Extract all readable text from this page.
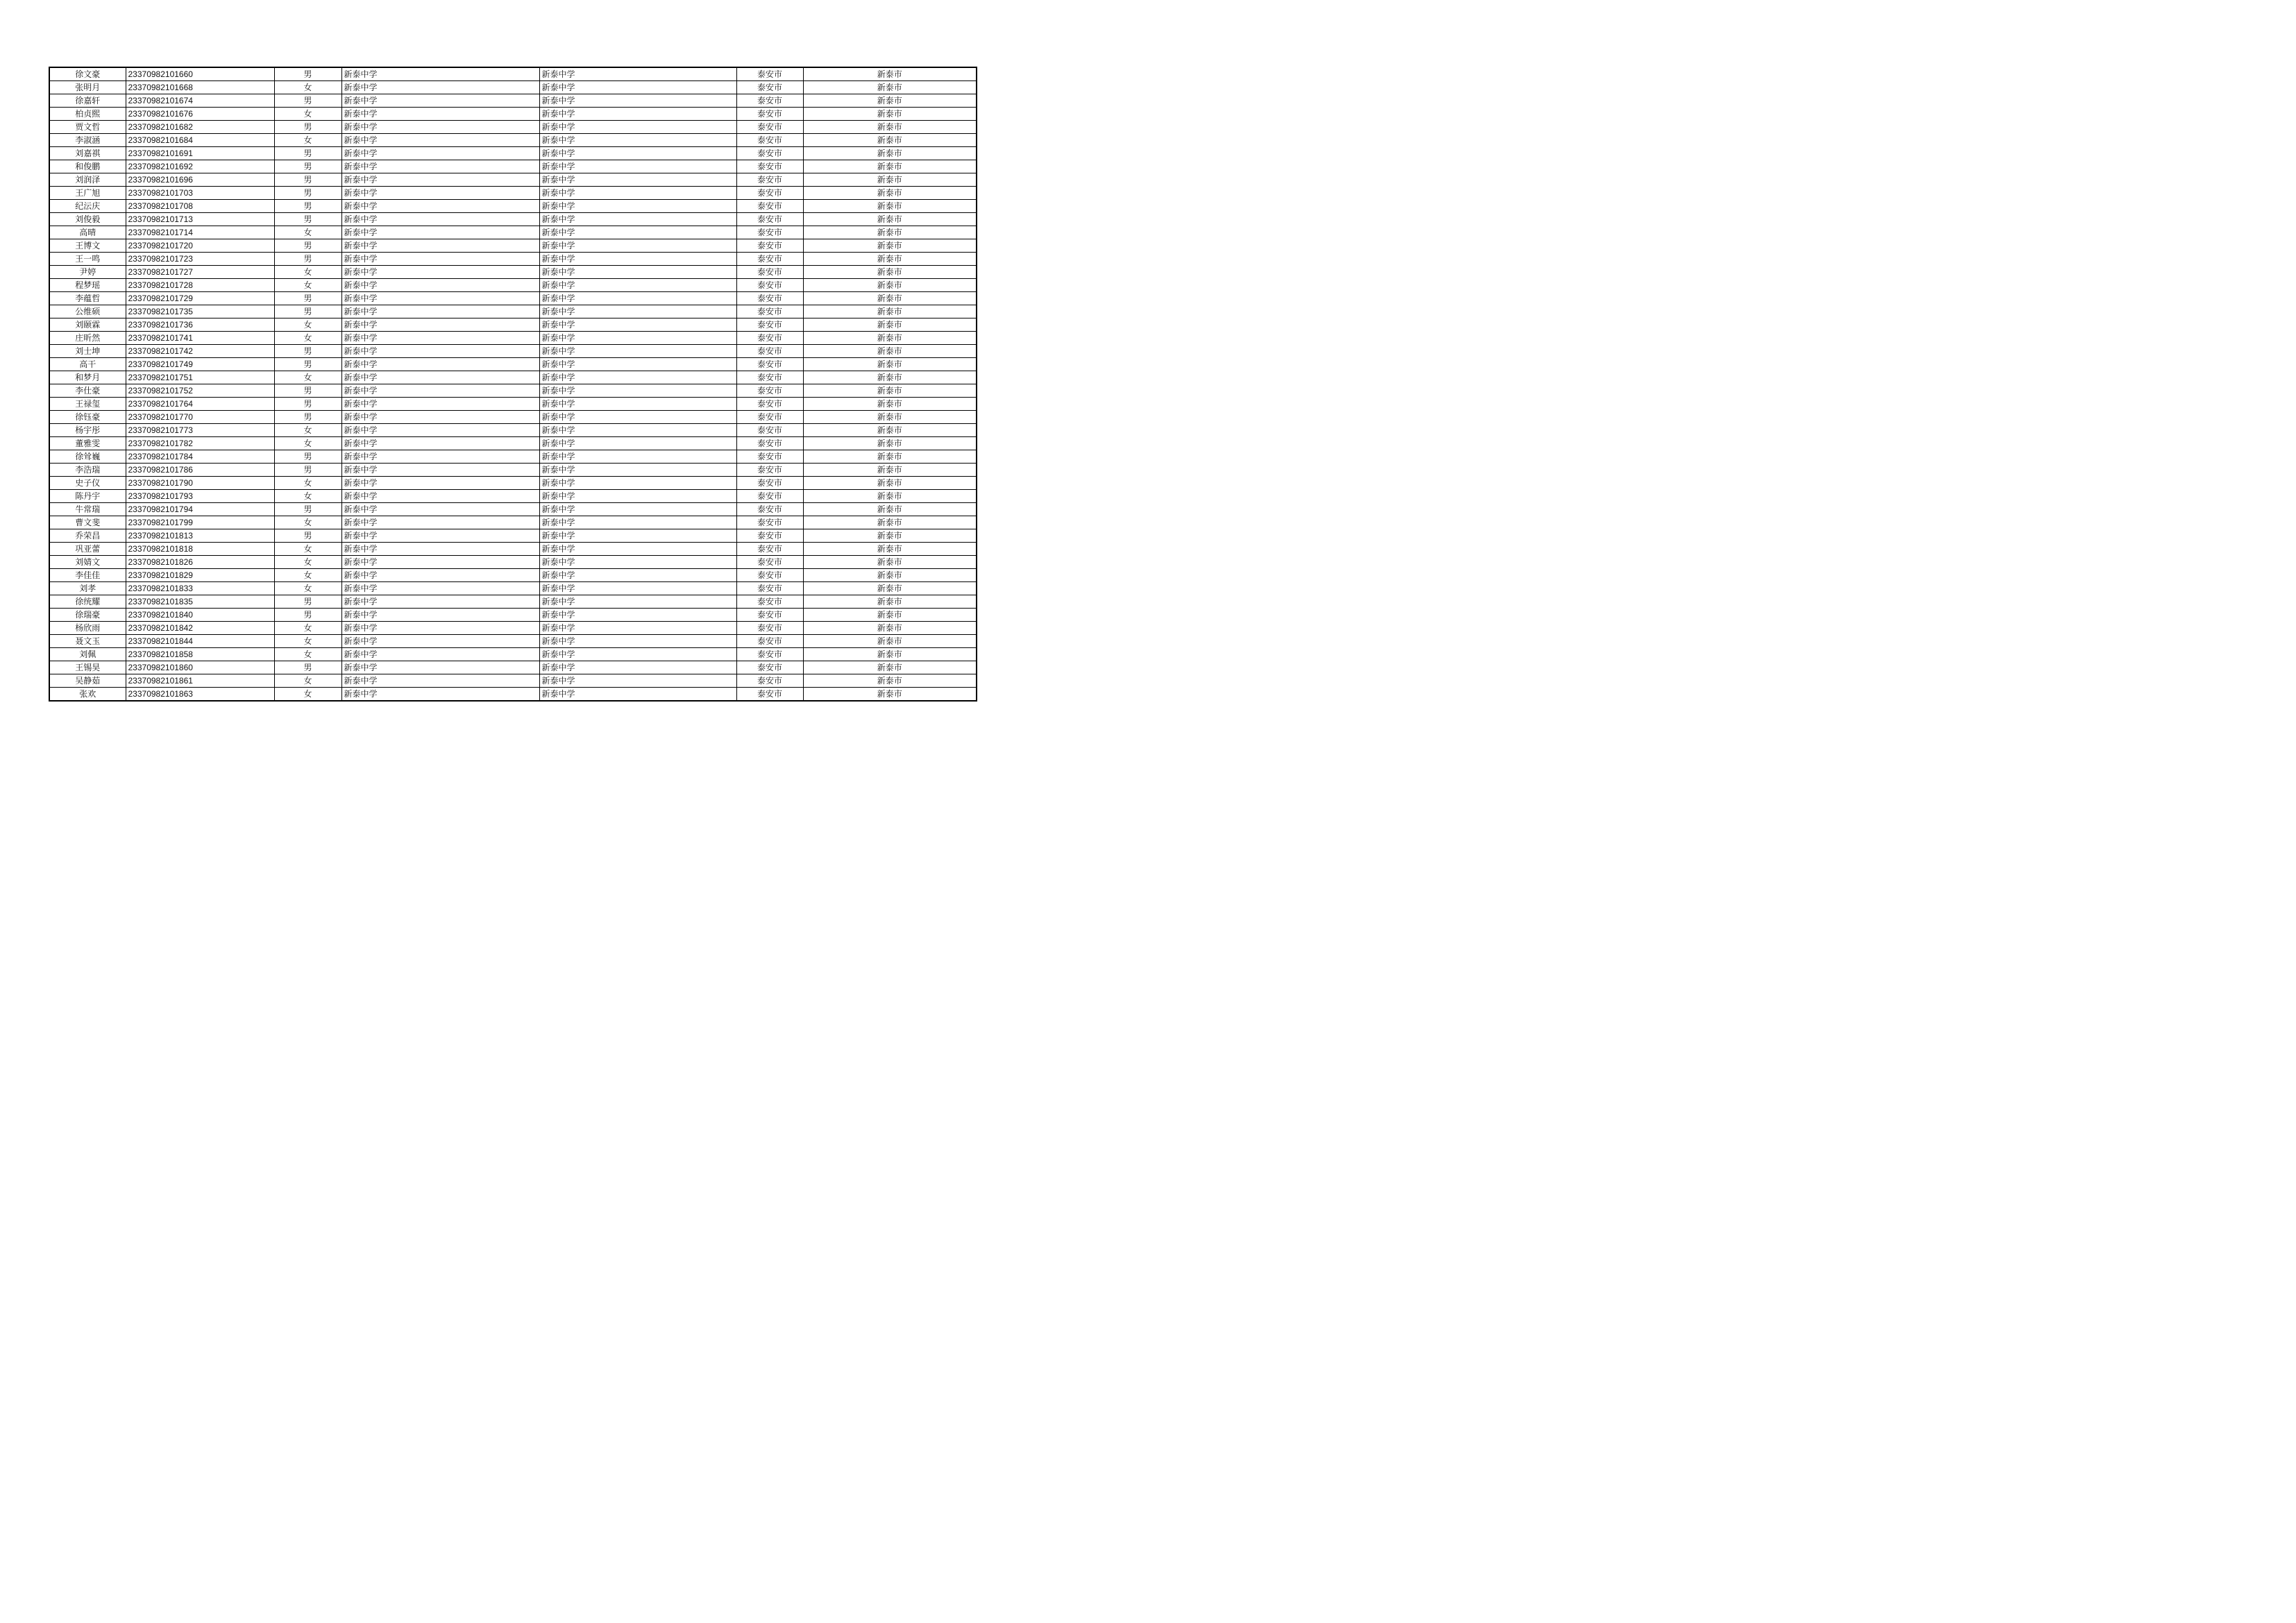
徐文豪	23370982101660	男	新泰中学	新泰中学	泰安市	新泰市
张明月	23370982101668	女	新泰中学	新泰中学	泰安市	新泰市
徐嘉轩	23370982101674	男	新泰中学	新泰中学	泰安市	新泰市
柏贞熙	23370982101676	女	新泰中学	新泰中学	泰安市	新泰市
贾文哲	23370982101682	男	新泰中学	新泰中学	泰安市	新泰市
李淑涵	23370982101684	女	新泰中学	新泰中学	泰安市	新泰市
刘嘉祺	23370982101691	男	新泰中学	新泰中学	泰安市	新泰市
和俊鹏	23370982101692	男	新泰中学	新泰中学	泰安市	新泰市
刘润泽	23370982101696	男	新泰中学	新泰中学	泰安市	新泰市
王广旭	23370982101703	男	新泰中学	新泰中学	泰安市	新泰市
纪沄庆	23370982101708	男	新泰中学	新泰中学	泰安市	新泰市
刘俊毅	23370982101713	男	新泰中学	新泰中学	泰安市	新泰市
高晴	23370982101714	女	新泰中学	新泰中学	泰安市	新泰市
王博文	23370982101720	男	新泰中学	新泰中学	泰安市	新泰市
王一鸣	23370982101723	男	新泰中学	新泰中学	泰安市	新泰市
尹婷	23370982101727	女	新泰中学	新泰中学	泰安市	新泰市
程梦瑶	23370982101728	女	新泰中学	新泰中学	泰安市	新泰市
李蕴哲	23370982101729	男	新泰中学	新泰中学	泰安市	新泰市
公维硕	23370982101735	男	新泰中学	新泰中学	泰安市	新泰市
刘颐霖	23370982101736	女	新泰中学	新泰中学	泰安市	新泰市
庄昕然	23370982101741	女	新泰中学	新泰中学	泰安市	新泰市
刘士坤	23370982101742	男	新泰中学	新泰中学	泰安市	新泰市
高干	23370982101749	男	新泰中学	新泰中学	泰安市	新泰市
和梦月	23370982101751	女	新泰中学	新泰中学	泰安市	新泰市
李仕豪	23370982101752	男	新泰中学	新泰中学	泰安市	新泰市
王禄玺	23370982101764	男	新泰中学	新泰中学	泰安市	新泰市
徐钰豪	23370982101770	男	新泰中学	新泰中学	泰安市	新泰市
杨宇彤	23370982101773	女	新泰中学	新泰中学	泰安市	新泰市
董雅雯	23370982101782	女	新泰中学	新泰中学	泰安市	新泰市
徐耸巍	23370982101784	男	新泰中学	新泰中学	泰安市	新泰市
李浩瑞	23370982101786	男	新泰中学	新泰中学	泰安市	新泰市
史子仪	23370982101790	女	新泰中学	新泰中学	泰安市	新泰市
陈丹宇	23370982101793	女	新泰中学	新泰中学	泰安市	新泰市
牛常瑞	23370982101794	男	新泰中学	新泰中学	泰安市	新泰市
曹文斐	23370982101799	女	新泰中学	新泰中学	泰安市	新泰市
乔荣昌	23370982101813	男	新泰中学	新泰中学	泰安市	新泰市
巩亚蕾	23370982101818	女	新泰中学	新泰中学	泰安市	新泰市
刘婧文	23370982101826	女	新泰中学	新泰中学	泰安市	新泰市
李佳佳	23370982101829	女	新泰中学	新泰中学	泰安市	新泰市
刘孝	23370982101833	女	新泰中学	新泰中学	泰安市	新泰市
徐统耀	23370982101835	男	新泰中学	新泰中学	泰安市	新泰市
徐瑞豪	23370982101840	男	新泰中学	新泰中学	泰安市	新泰市
杨欣雨	23370982101842	女	新泰中学	新泰中学	泰安市	新泰市
聂文玉	23370982101844	女	新泰中学	新泰中学	泰安市	新泰市
刘佩	23370982101858	女	新泰中学	新泰中学	泰安市	新泰市
王锡昊	23370982101860	男	新泰中学	新泰中学	泰安市	新泰市
吴静茹	23370982101861	女	新泰中学	新泰中学	泰安市	新泰市
张欢	23370982101863	女	新泰中学	新泰中学	泰安市	新泰市
